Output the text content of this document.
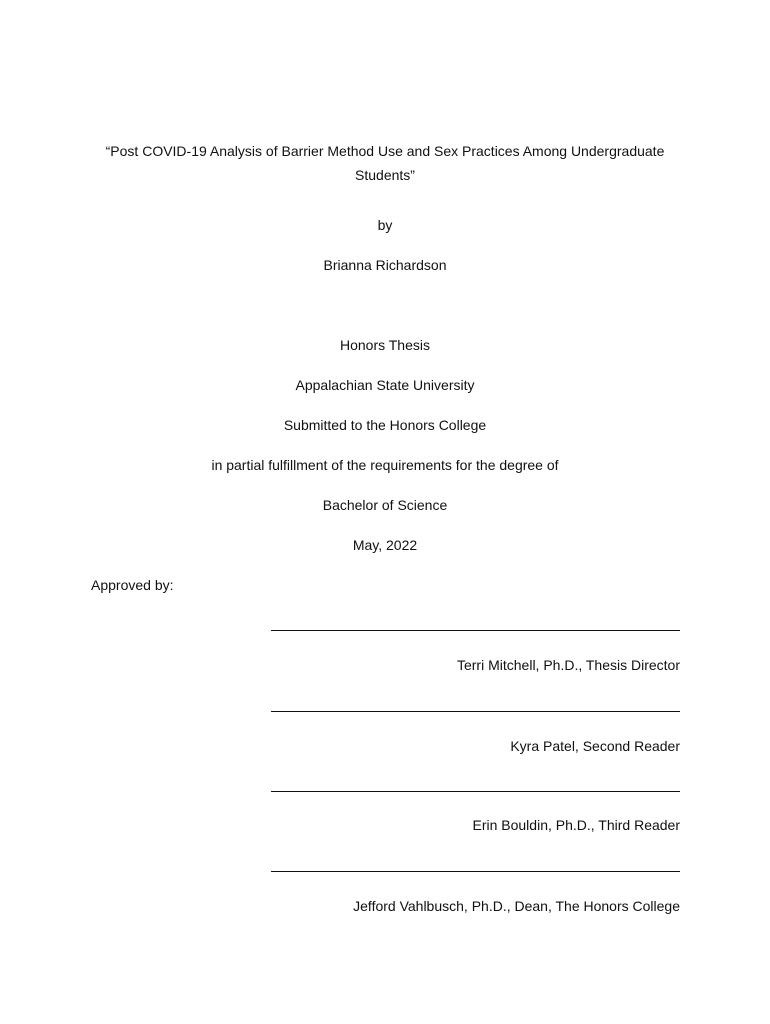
“Post COVID-19 Analysis of Barrier Method Use and Sex Practices Among Undergraduate
Students”
by
Brianna Richardson
Honors Thesis
Appalachian State University
Submitted to the Honors College
in partial fulfillment of the requirements for the degree of
Bachelor of Science
May, 2022
Approved by:
Terri Mitchell, Ph.D., Thesis Director
Kyra Patel, Second Reader
Erin Bouldin, Ph.D., Third Reader
Jefford Vahlbusch, Ph.D., Dean, The Honors College
